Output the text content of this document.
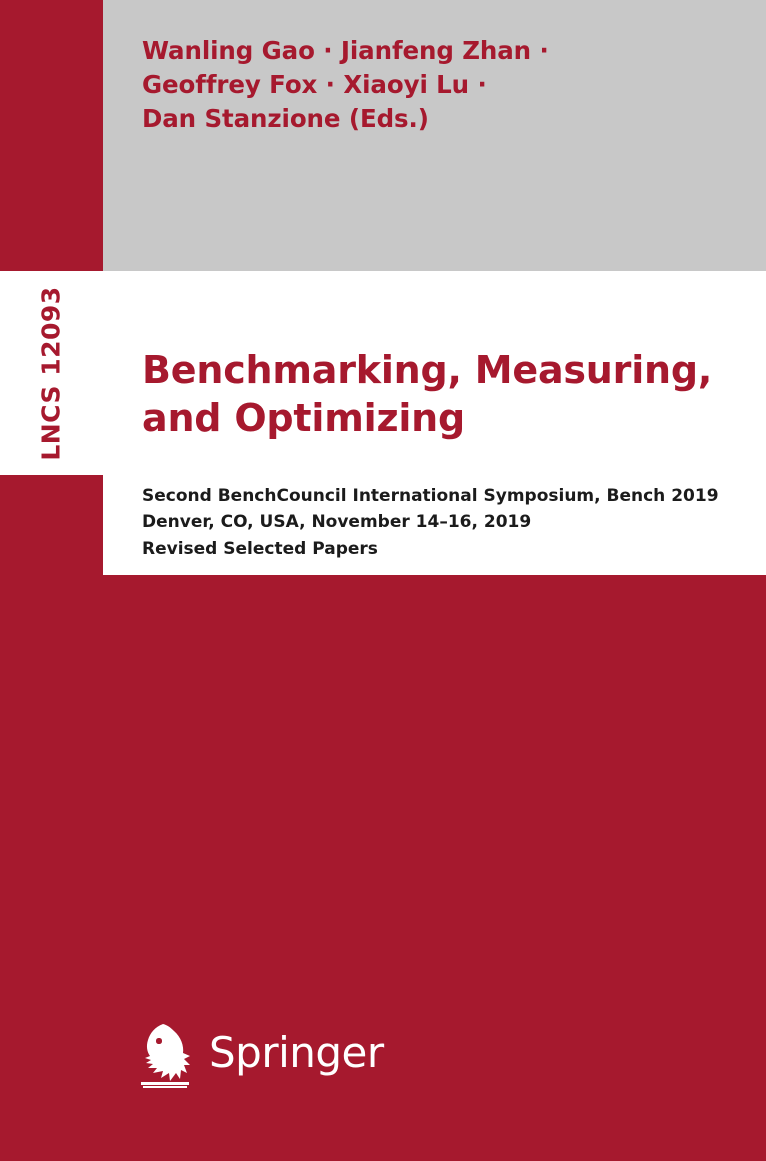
LNCS 12093
Wanling Gao · Jianfeng Zhan ·
Geoffrey Fox · Xiaoyi Lu ·
Dan Stanzione (Eds.)
Benchmarking, Measuring,
and Optimizing
Second BenchCouncil International Symposium, Bench 2019
Denver, CO, USA, November 14–16, 2019
Revised Selected Papers
Springer
